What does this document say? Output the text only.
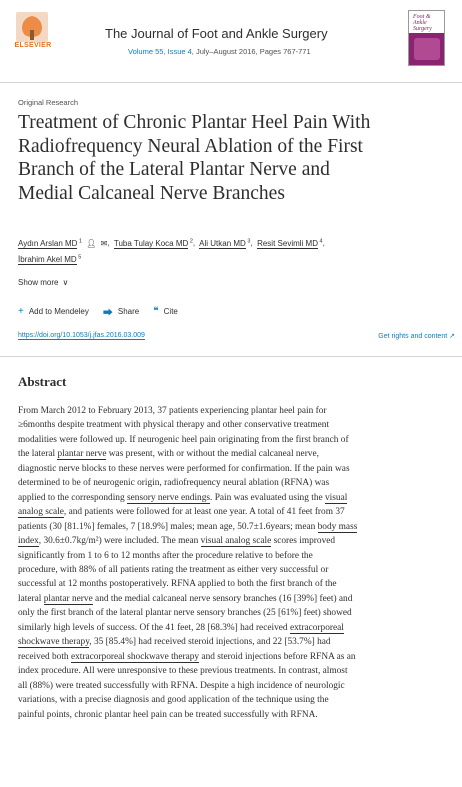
ELSEVIER
The Journal of Foot and Ankle Surgery
Volume 55, Issue 4, July–August 2016, Pages 767-771
Foot &
Ankle
Surgery
Original Research
Treatment of Chronic Plantar Heel Pain With
Radiofrequency Neural Ablation of the First
Branch of the Lateral Plantar Nerve and
Medial Calcaneal Nerve Branches
Aydın Arslan MD $^1$ 👤︎ ✉︎,  Tuba Tulay Koca MD $^2$,  Ali Utkan MD $^3$,  Resit Sevimli MD $^4$,
İbrahim Akel MD $^5$
Show more ∨
+ Add to Mendeley ⮕ Share ❝ Cite
https://doi.org/10.1053/j.jfas.2016.03.009	Get rights and content ↗
Abstract
From March 2012 to February 2013, 37 patients experiencing plantar heel pain for
≥6months despite treatment with physical therapy and other conservative treatment
modalities were followed up. If neurogenic heel pain originating from the first branch of
the lateral plantar nerve was present, with or without the medial calcaneal nerve,
diagnostic nerve blocks to these nerves were performed for confirmation. If the pain was
determined to be of neurogenic origin, radiofrequency neural ablation (RFNA) was
applied to the corresponding sensory nerve endings. Pain was evaluated using the visual
analog scale, and patients were followed for at least one year. A total of 41 feet from 37
patients (30 [81.1%] females, 7 [18.9%] males; mean age, 50.7±1.6years; mean body mass
index, 30.6±0.7kg/m²) were included. The mean visual analog scale scores improved
significantly from 1 to 6 to 12 months after the procedure relative to before the
procedure, with 88% of all patients rating the treatment as either very successful or
successful at 12 months postoperatively. RFNA applied to both the first branch of the
lateral plantar nerve and the medial calcaneal nerve sensory branches (16 [39%] feet) and
only the first branch of the lateral plantar nerve sensory branches (25 [61%] feet) showed
similarly high levels of success. Of the 41 feet, 28 [68.3%] had received extracorporeal
shockwave therapy, 35 [85.4%] had received steroid injections, and 22 [53.7%] had
received both extracorporeal shockwave therapy and steroid injections before RFNA as an
index procedure. All were unresponsive to these previous treatments. In contrast, almost
all (88%) were treated successfully with RFNA. Despite a high incidence of neurologic
variations, with a precise diagnosis and good application of the technique using the
painful points, chronic plantar heel pain can be treated successfully with RFNA.
